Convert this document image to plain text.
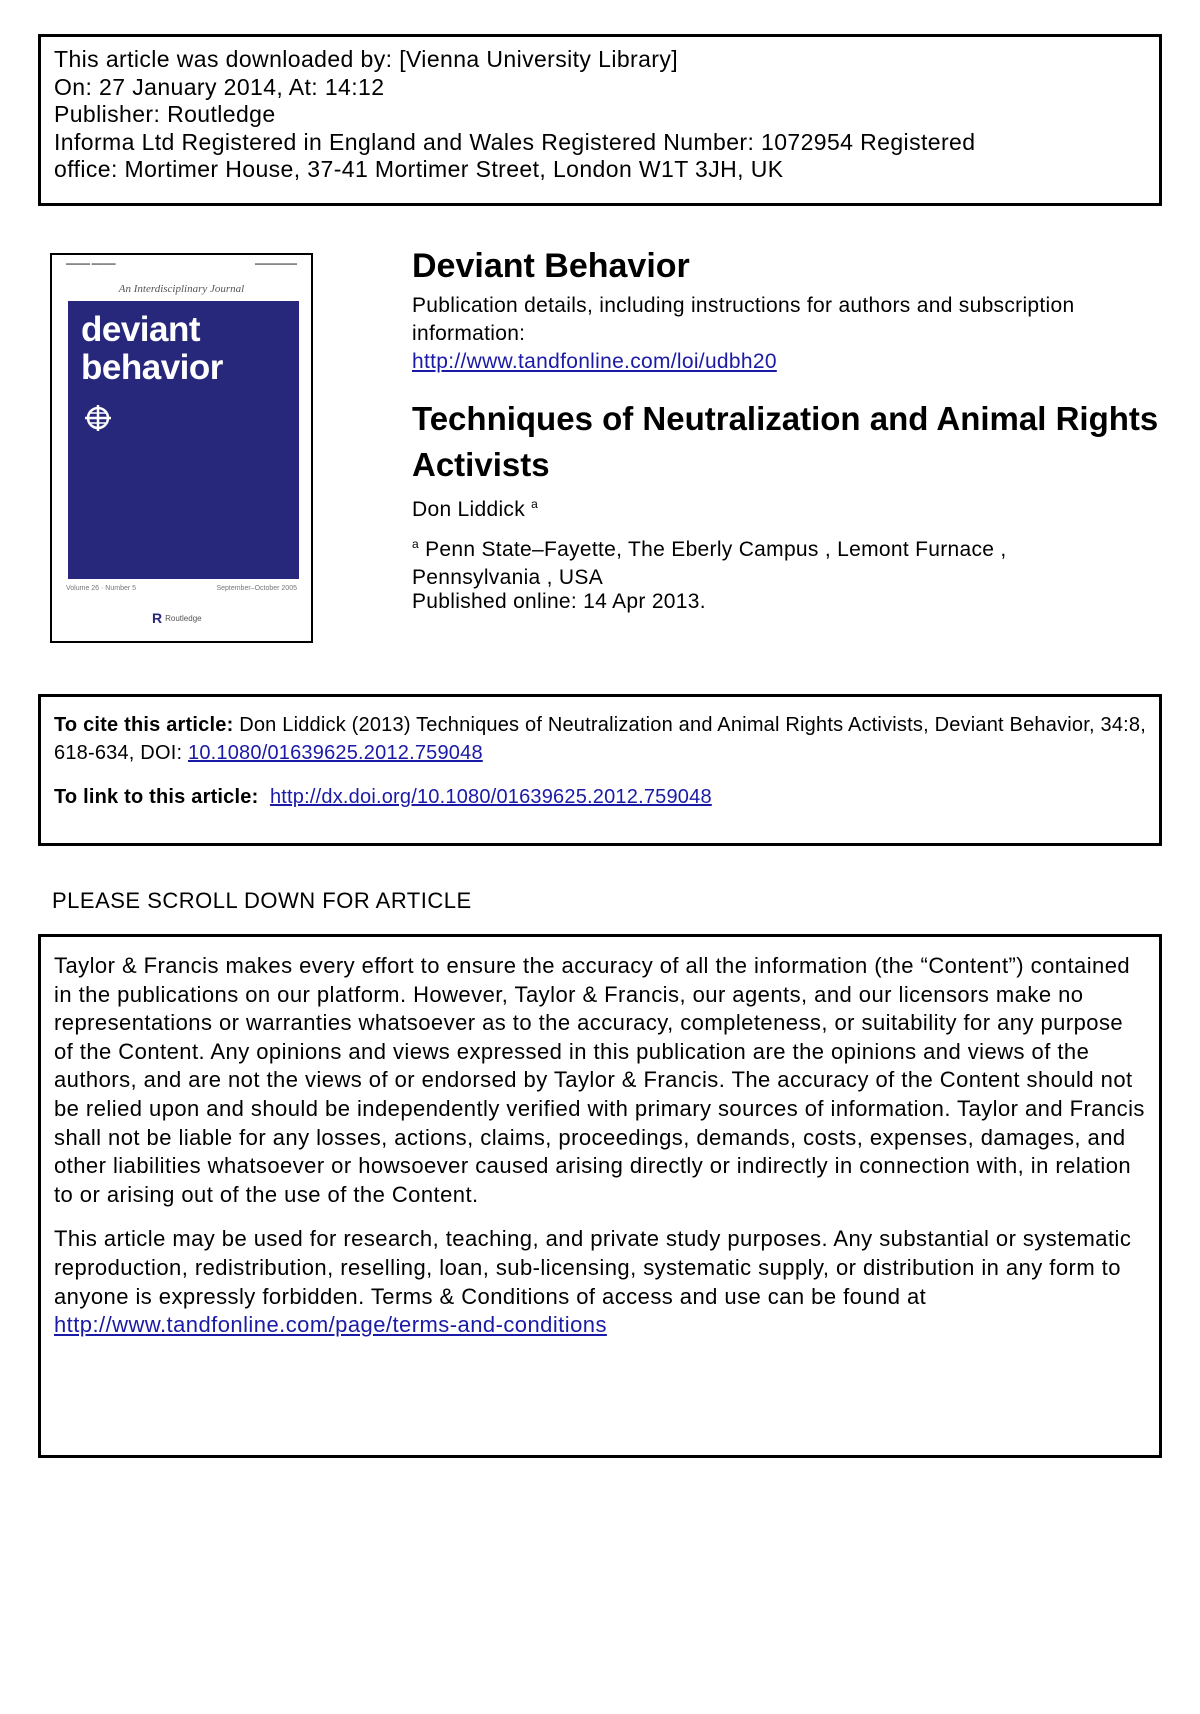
This article was downloaded by: [Vienna University Library]
On: 27 January 2014, At: 14:12
Publisher: Routledge
Informa Ltd Registered in England and Wales Registered Number: 1072954 Registered
office: Mortimer House, 37-41 Mortimer Street, London W1T 3JH, UK
▬▬▬▬ ▬▬▬▬	▬▬▬▬▬▬▬
An Interdisciplinary Journal
deviant
behavior
Volume 26 · Number 5	September–October 2005
R Routledge
Deviant Behavior
Publication details, including instructions for authors and subscription information:
http://www.tandfonline.com/loi/udbh20
Techniques of Neutralization and Animal Rights Activists
Don Liddick $^a$
$^a$ Penn State–Fayette, The Eberly Campus , Lemont Furnace , Pennsylvania , USA
Published online: 14 Apr 2013.
To cite this article: Don Liddick (2013) Techniques of Neutralization and Animal Rights Activists, Deviant Behavior, 34:8, 618-634, DOI: 10.1080/01639625.2012.759048
To link to this article: http://dx.doi.org/10.1080/01639625.2012.759048
PLEASE SCROLL DOWN FOR ARTICLE

Taylor & Francis makes every effort to ensure the accuracy of all the information (the “Content”) contained in the publications on our platform. However, Taylor & Francis, our agents, and our licensors make no representations or warranties whatsoever as to the accuracy, completeness, or suitability for any purpose of the Content. Any opinions and views expressed in this publication are the opinions and views of the authors, and are not the views of or endorsed by Taylor & Francis. The accuracy of the Content should not be relied upon and should be independently verified with primary sources of information. Taylor and Francis shall not be liable for any losses, actions, claims, proceedings, demands, costs, expenses, damages, and other liabilities whatsoever or howsoever caused arising directly or indirectly in connection with, in relation to or arising out of the use of the Content.

This article may be used for research, teaching, and private study purposes. Any substantial or systematic reproduction, redistribution, reselling, loan, sub-licensing, systematic supply, or distribution in any form to anyone is expressly forbidden. Terms & Conditions of access and use can be found at http://www.tandfonline.com/page/terms-and-conditions
